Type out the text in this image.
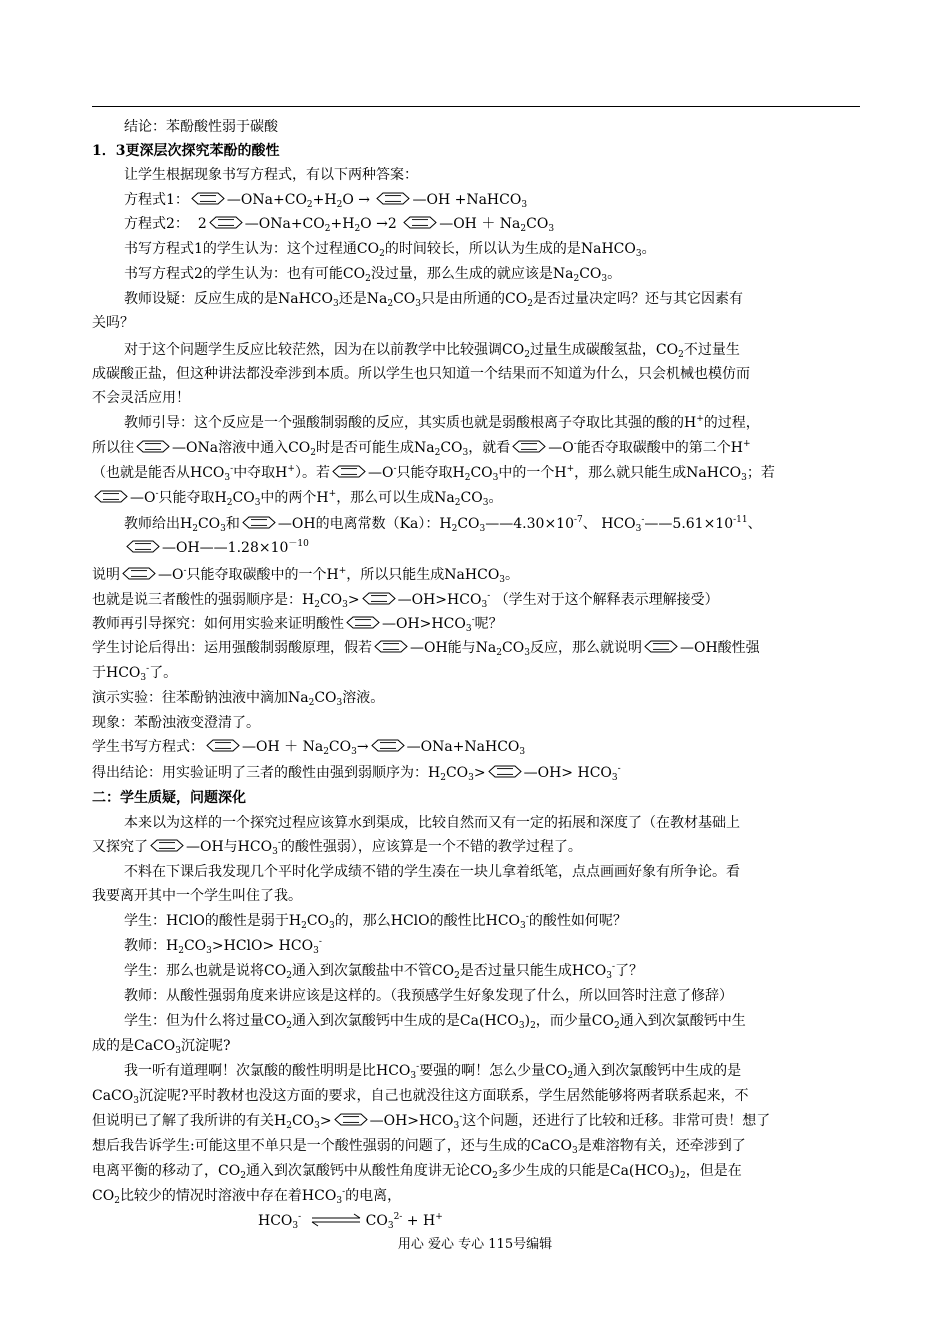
结论：苯酚酸性弱于碳酸
1．3更深层次探究苯酚的酸性
让学生根据现象书写方程式，有以下两种答案：
方程式1：	$—ONa+CO_2+H_2O$ →	—OH +NaHCO$_3$
方程式2： 2	$—ONa+CO_2+H_2O \to 2$	—OH ＋ $Na_2CO_3$
书写方程式1的学生认为：这个过程通$CO_2$的时间较长，所以认为生成的是NaHCO$_3$。
书写方程式2的学生认为：也有可能$CO_2$没过量，那么生成的就应该是$Na_2CO_3$。
教师设疑：反应生成的是NaHCO$_3$还是$Na_2CO_3$只是由所通的$CO_2$是否过量决定吗？还与其它因素有
关吗？
对于这个问题学生反应比较茫然，因为在以前教学中比较强调$CO_2$过量生成碳酸氢盐，$CO_2$不过量生
成碳酸正盐，但这种讲法都没牵涉到本质。所以学生也只知道一个结果而不知道为什么，只会机械也模仿而
不会灵活应用！
教师引导：这个反应是一个强酸制弱酸的反应，其实质也就是弱酸根离子夺取比其强的酸的H+的过程，
所以往	—ONa溶液中通入$CO_2$时是否可能生成$Na_2CO_3$，就看	—O-能否夺取碳酸中的第二个H+
（也就是能否从$HCO_3^-$中夺取H+）。若	—O-只能夺取$H_2CO_3$中的一个H+，那么就只能生成NaHCO$_3$；若
—O-只能夺取$H_2CO_3$中的两个H+，那么可以生成$Na_2CO_3$。
教师给出$H_2CO_3$和	—OH的电离常数（Ka）：$H_2CO_3——4.30\times 10^{-7}$、 $HCO_3^-——5.61\times 10^{-11}$、
$—OH——1.28\times 10^{-10}$
说明	—O-只能夺取碳酸中的一个H+，所以只能生成NaHCO$_3$。
也就是说三者酸性的强弱顺序是：$H_2CO_3>$	$—OH>HCO_3^-$ （学生对于这个解释表示理解接受）
教师再引导探究：如何用实验来证明酸性	$—OH>HCO_3^-$呢？
学生讨论后得出：运用强酸制弱酸原理，假若	—OH能与$Na_2CO_3$反应，那么就说明	—OH酸性强
于$HCO_3^-$了。
演示实验：往苯酚钠浊液中滴加$Na_2CO_3$溶液。
现象：苯酚浊液变澄清了。
学生书写方程式：	—OH ＋ $Na_2CO_3\to$	—ONa+NaHCO$_3$
得出结论：用实验证明了三者的酸性由强到弱顺序为：$H_2CO_3>$	—OH> $HCO_3^-$
二：学生质疑，问题深化
本来以为这样的一个探究过程应该算水到渠成，比较自然而又有一定的拓展和深度了（在教材基础上
又探究了	—OH与$HCO_3^-$的酸性强弱），应该算是一个不错的教学过程了。
不料在下课后我发现几个平时化学成绩不错的学生凑在一块儿拿着纸笔，点点画画好象有所争论。看
我要离开其中一个学生叫住了我。
学生：HClO的酸性是弱于$H_2CO_3$的，那么HClO的酸性比$HCO_3^-$的酸性如何呢？
教师：$H_2CO_3>HClO> HCO_3^-$
学生：那么也就是说将$CO_2$通入到次氯酸盐中不管$CO_2$是否过量只能生成$HCO_3^-$了？
教师：从酸性强弱角度来讲应该是这样的。（我预感学生好象发现了什么，所以回答时注意了修辞）
学生：但为什么将过量$CO_2$通入到次氯酸钙中生成的是$Ca(HCO_3)_2$，而少量$CO_2$通入到次氯酸钙中生
成的是CaCO$_3$沉淀呢?
我一听有道理啊！次氯酸的酸性明明是比$HCO_3^-$要强的啊！怎么少量$CO_2$通入到次氯酸钙中生成的是
CaCO$_3$沉淀呢?平时教材也没这方面的要求，自己也就没往这方面联系，学生居然能够将两者联系起来，不
但说明已了解了我所讲的有关$H_2CO_3>$	$—OH>HCO_3^-$这个问题，还进行了比较和迁移。非常可贵！想了
想后我告诉学生:可能这里不单只是一个酸性强弱的问题了，还与生成的CaCO$_3$是难溶物有关，还牵涉到了
电离平衡的移动了，$CO_2$通入到次氯酸钙中从酸性角度讲无论$CO_2$多少生成的只能是$Ca(HCO_3)_2$，但是在
$CO_2$比较少的情况时溶液中存在着$HCO_3^-$的电离，
$HCO_3^-$ ⇌ $CO_3^{2-} + H^+$
用心 爱心 专心 115号编辑
